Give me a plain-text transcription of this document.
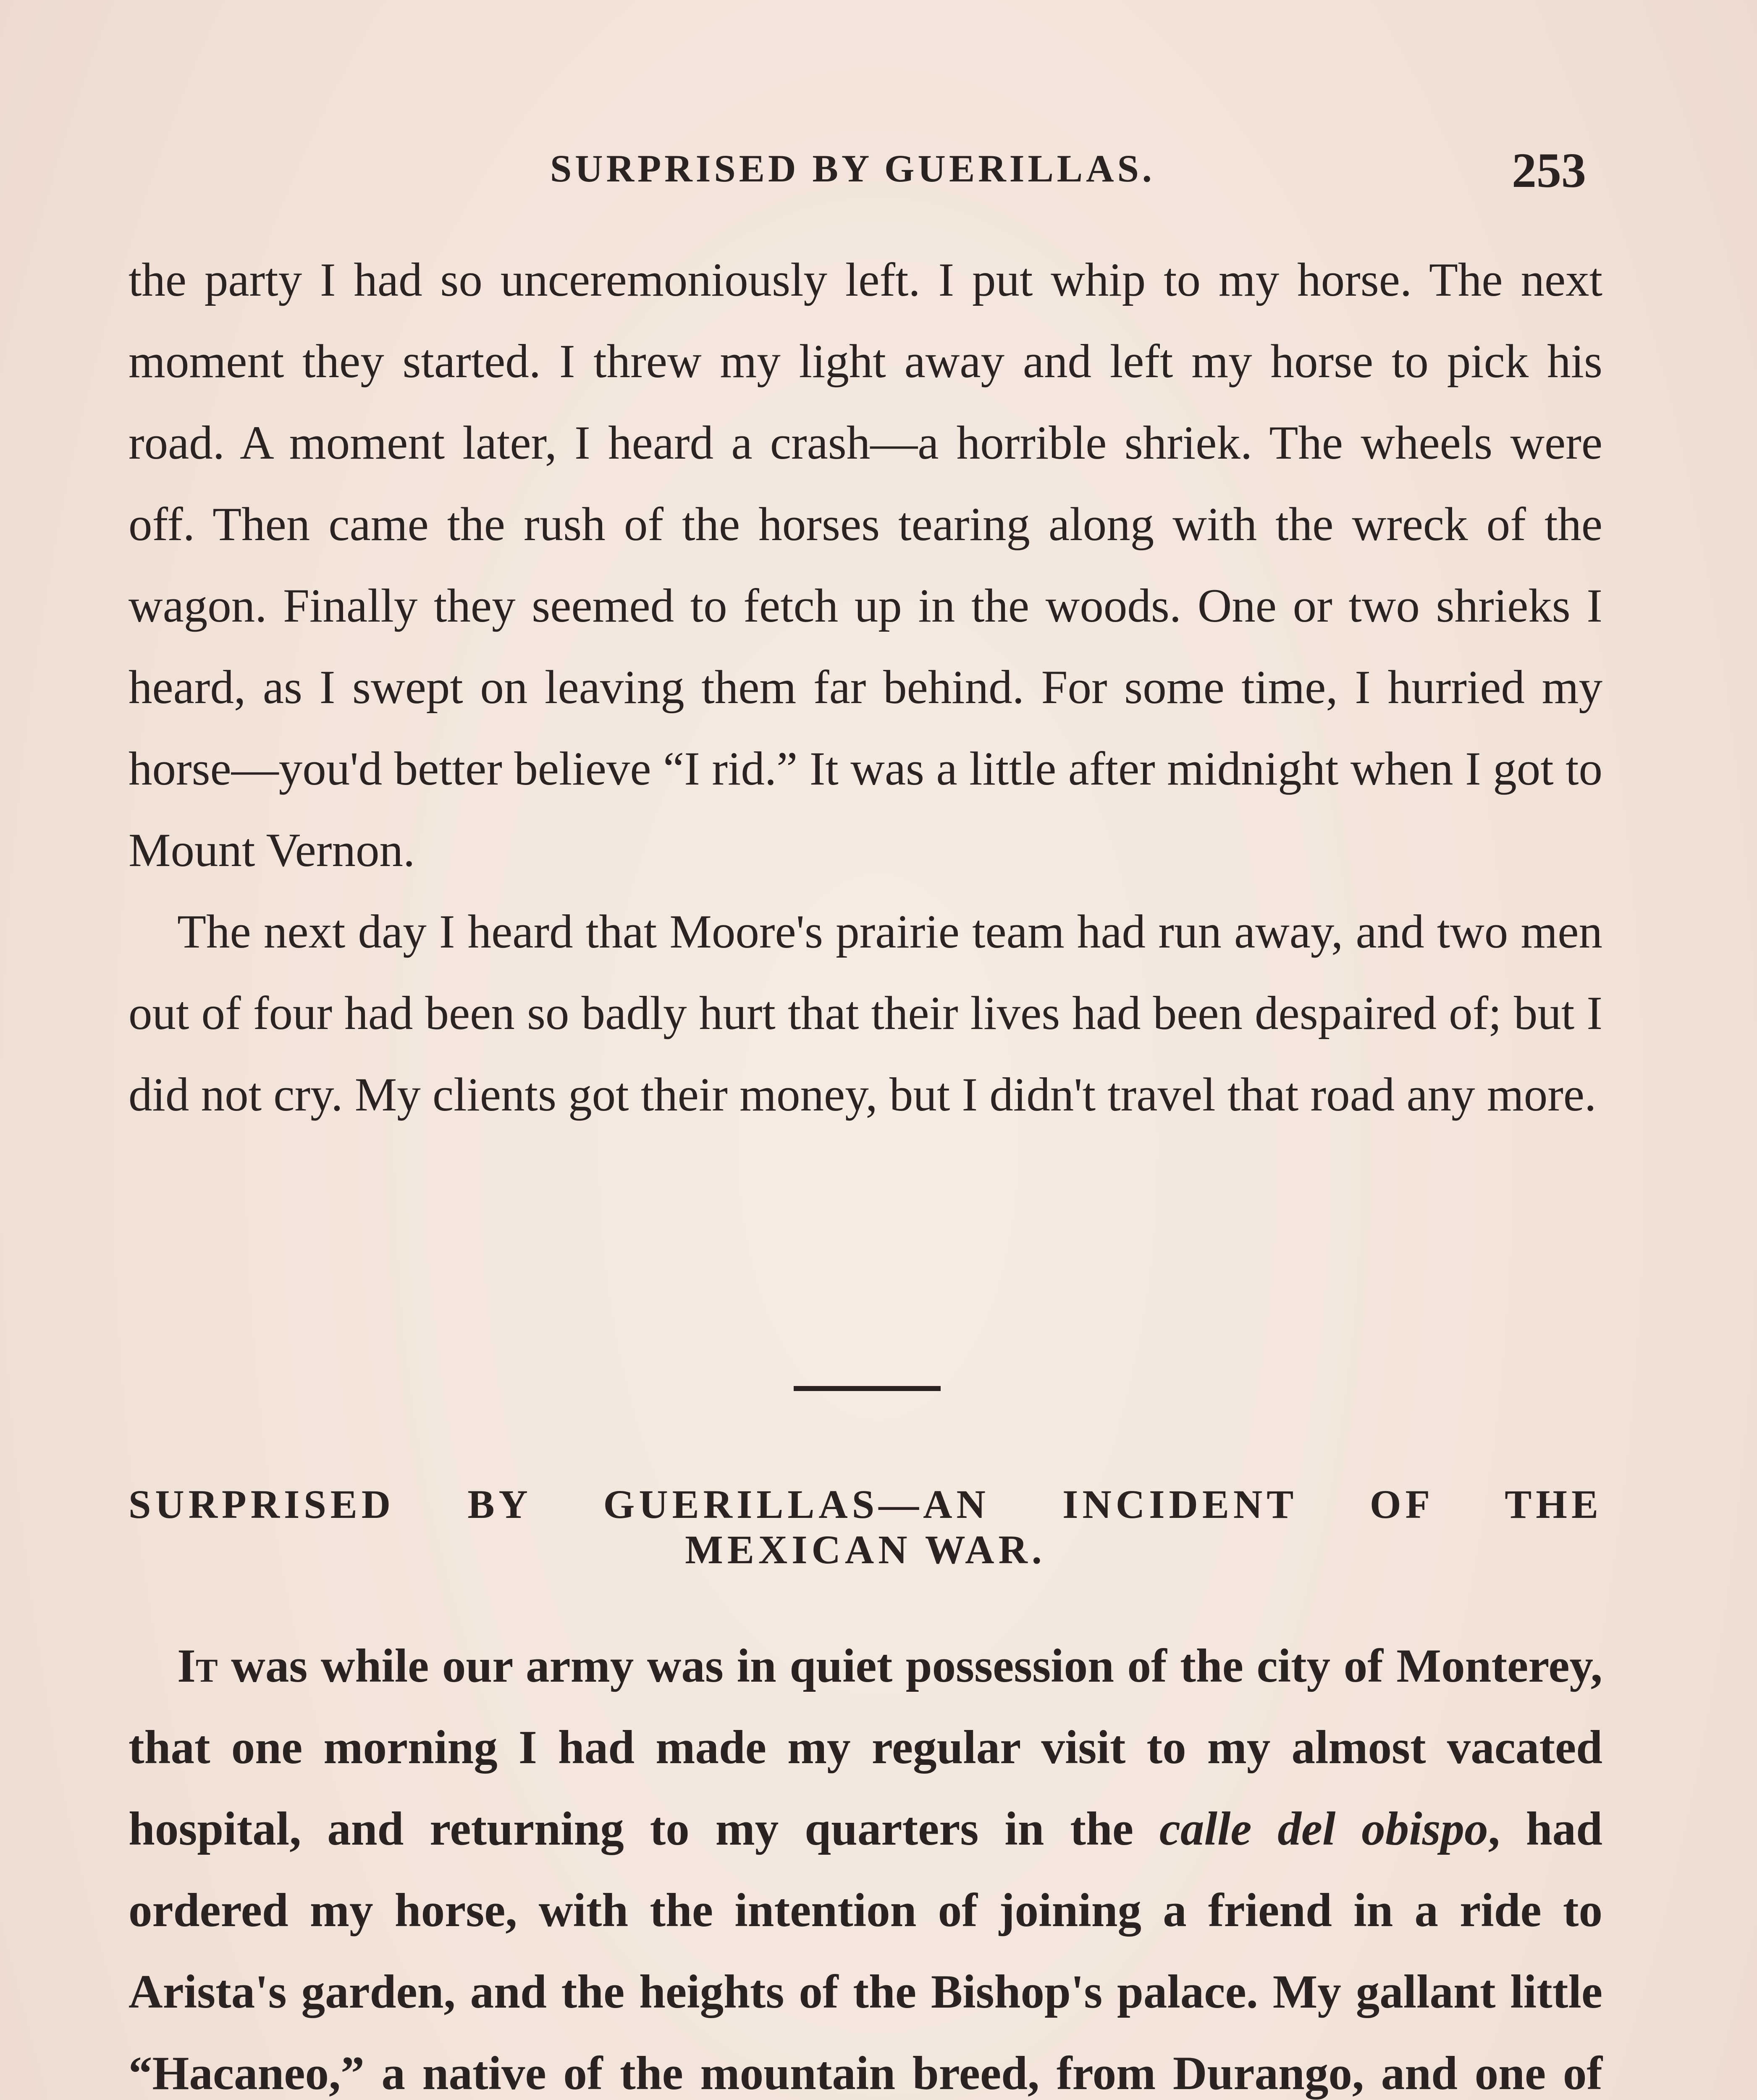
SURPRISED BY GUERILLAS.	253

the party I had so unceremoniously left. I put whip to my horse. The next moment they started. I threw my light away and left my horse to pick his road. A moment later, I heard a crash—a horrible shriek. The wheels were off. Then came the rush of the horses tearing along with the wreck of the wagon. Finally they seemed to fetch up in the woods. One or two shrieks I heard, as I swept on leaving them far behind. For some time, I hurried my horse—you'd better believe “I rid.” It was a little after midnight when I got to Mount Vernon.

The next day I heard that Moore's prairie team had run away, and two men out of four had been so badly hurt that their lives had been despaired of; but I did not cry. My clients got their money, but I didn't travel that road any more.

SURPRISED BY GUERILLAS—AN INCIDENT OF THE
MEXICAN WAR.

It was while our army was in quiet possession of the city of Monterey, that one morning I had made my regular visit to my almost vacated hospital, and returning to my quarters in the calle del obispo, had ordered my horse, with the intention of joining a friend in a ride to Arista's garden, and the heights of the Bishop's palace. My gallant little “Hacaneo,” a native of the mountain breed, from Durango, and one of
